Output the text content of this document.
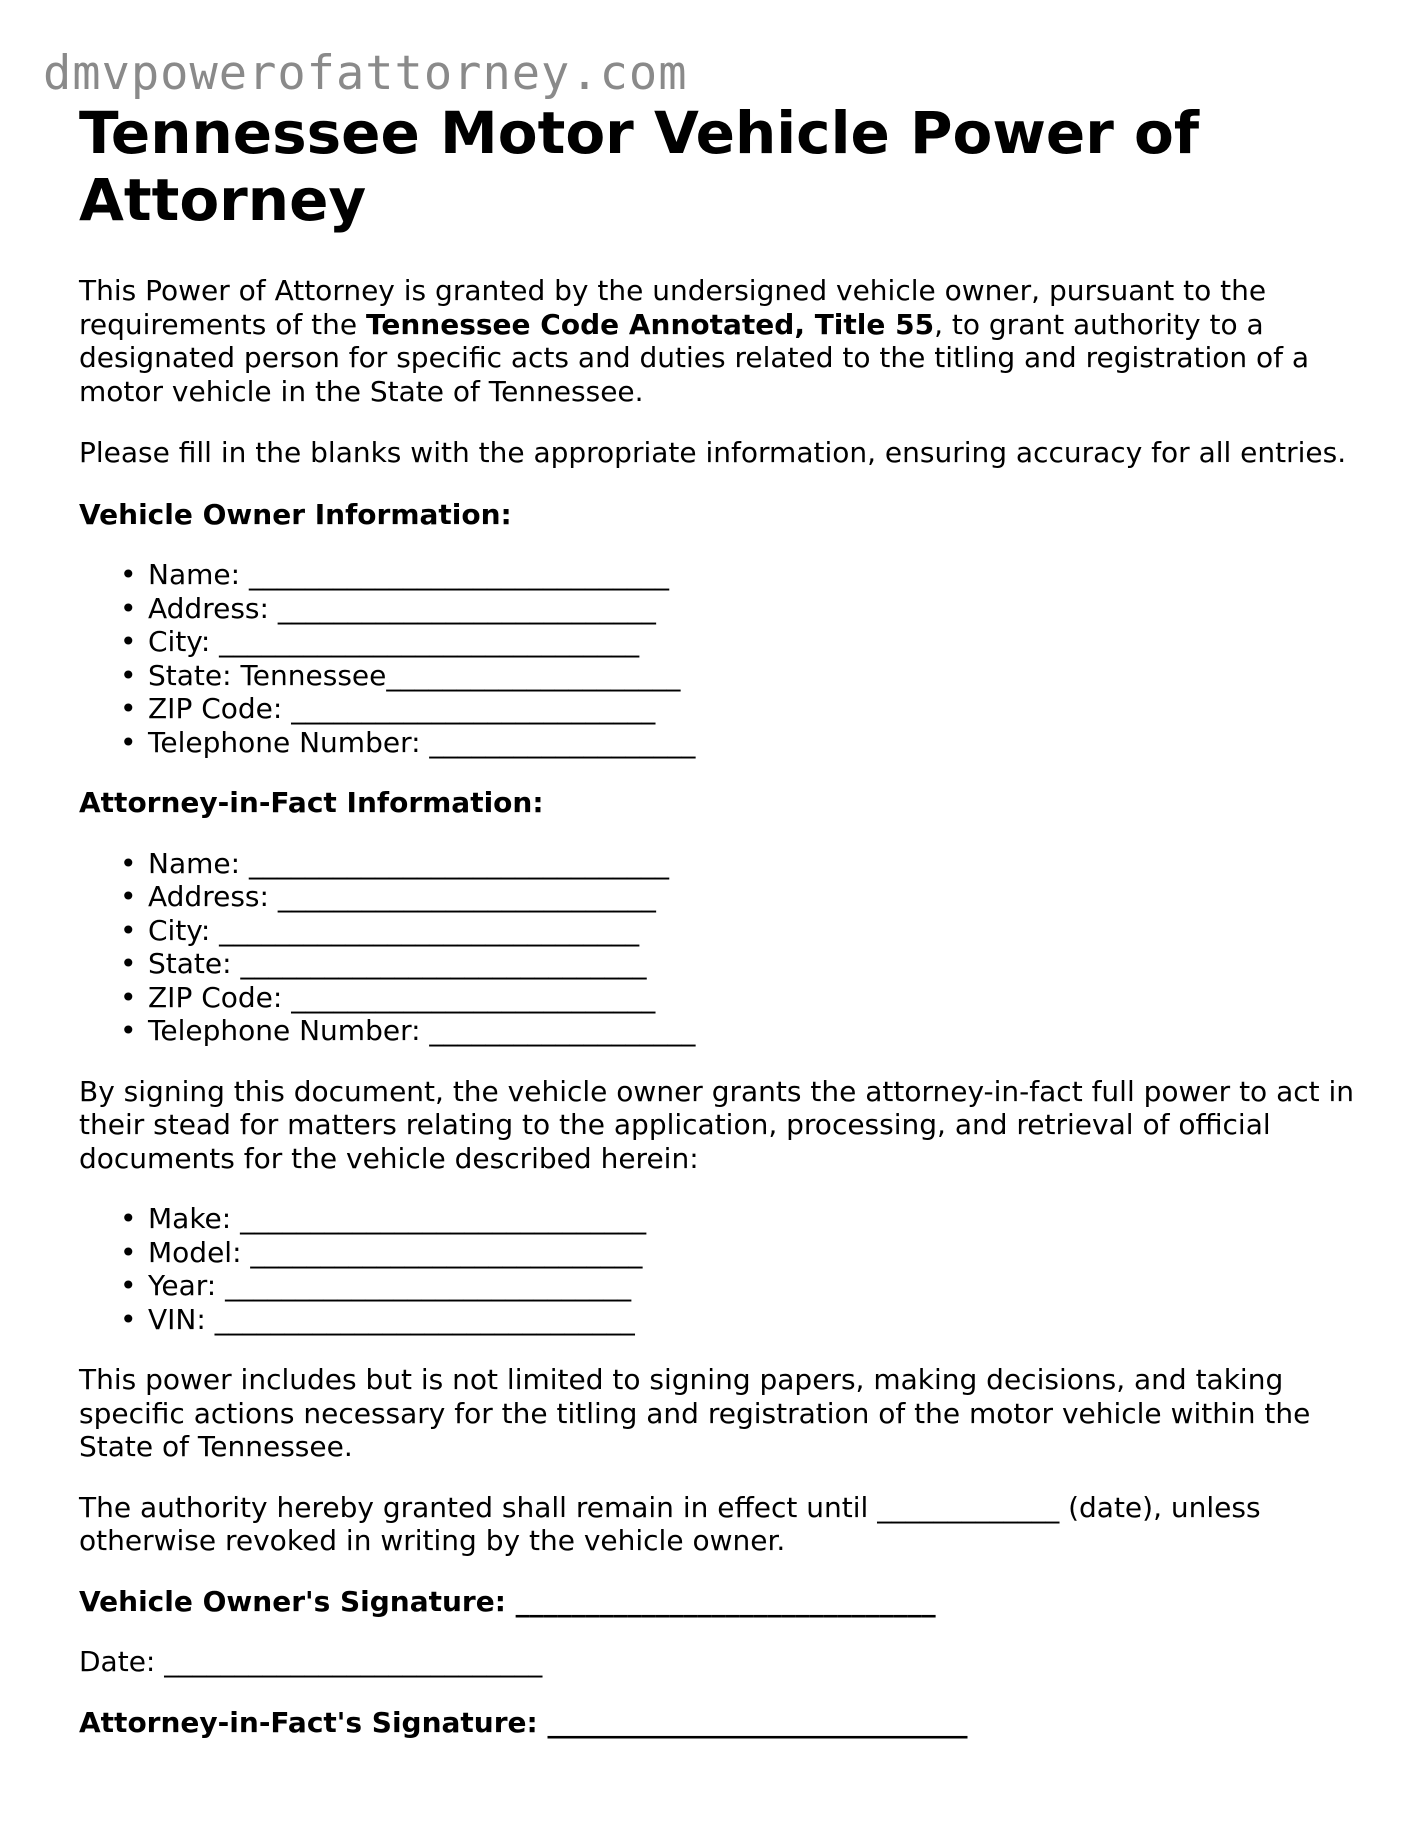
dmvpowerofattorney.com
Tennessee Motor Vehicle Power of Attorney

This Power of Attorney is granted by the undersigned vehicle owner, pursuant to the requirements of the Tennessee Code Annotated, Title 55, to grant authority to a designated person for specific acts and duties related to the titling and registration of a motor vehicle in the State of Tennessee.

Please fill in the blanks with the appropriate information, ensuring accuracy for all entries.

Vehicle Owner Information:

• Name: ______________________________
• Address: ___________________________
• City: ______________________________
• State: Tennessee_____________________
• ZIP Code: __________________________
• Telephone Number: ___________________

Attorney-in-Fact Information:

• Name: ______________________________
• Address: ___________________________
• City: ______________________________
• State: _____________________________
• ZIP Code: __________________________
• Telephone Number: ___________________

By signing this document, the vehicle owner grants the attorney-in-fact full power to act in their stead for matters relating to the application, processing, and retrieval of official documents for the vehicle described herein:

• Make: _____________________________
• Model: ____________________________
• Year: _____________________________
• VIN: ______________________________

This power includes but is not limited to signing papers, making decisions, and taking specific actions necessary for the titling and registration of the motor vehicle within the State of Tennessee.

The authority hereby granted shall remain in effect until _____________ (date), unless otherwise revoked in writing by the vehicle owner.

Vehicle Owner's Signature: ______________________________

Date: ___________________________

Attorney-in-Fact's Signature: ______________________________
